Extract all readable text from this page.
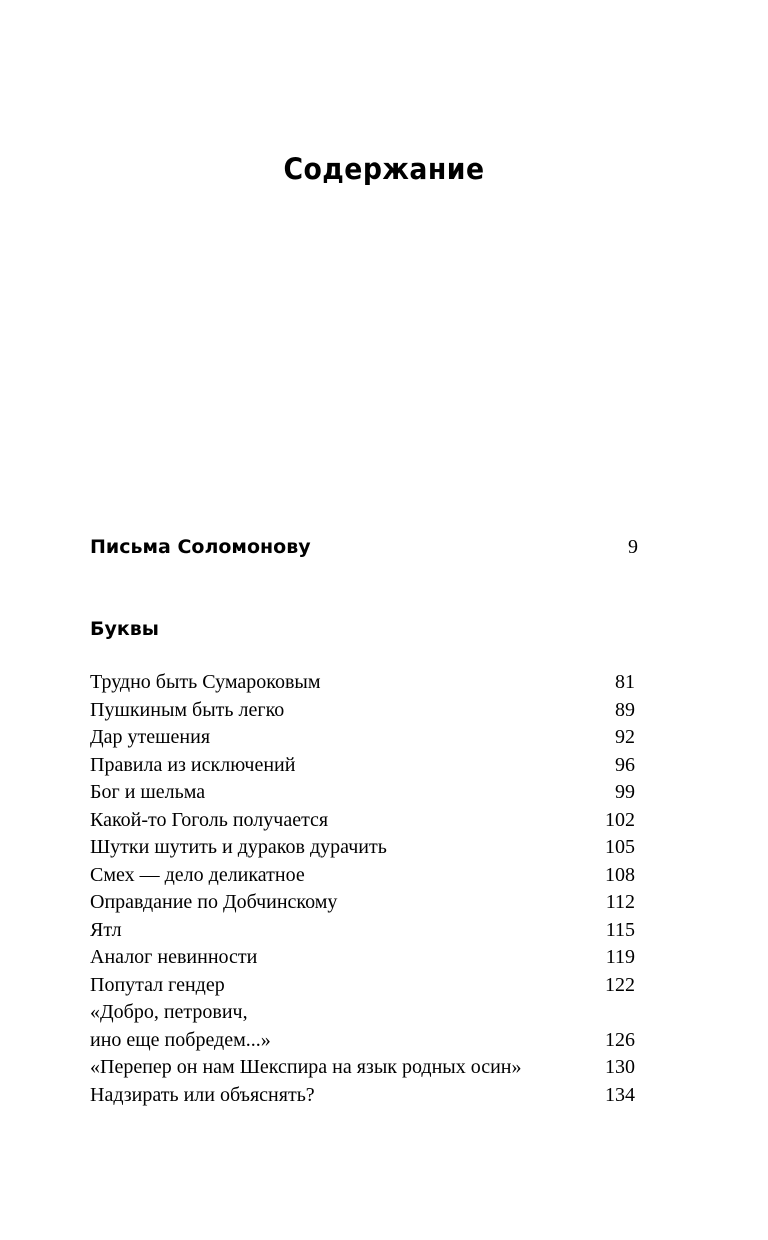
Содержание
Письма Соломонову	9
Буквы
Трудно быть Сумароковым	81
Пушкиным быть легко	89
Дар утешения	92
Правила из исключений	96
Бог и шельма	99
Какой-то Гоголь получается	102
Шутки шутить и дураков дурачить	105
Смех — дело деликатное	108
Оправдание по Добчинскому	112
Ятл	115
Аналог невинности	119
Попутал гендер	122
«Добро, петрович,
ино еще побредем...»	126
«Перепер он нам Шекспира на язык родных осин»	130
Надзирать или объяснять?	134
